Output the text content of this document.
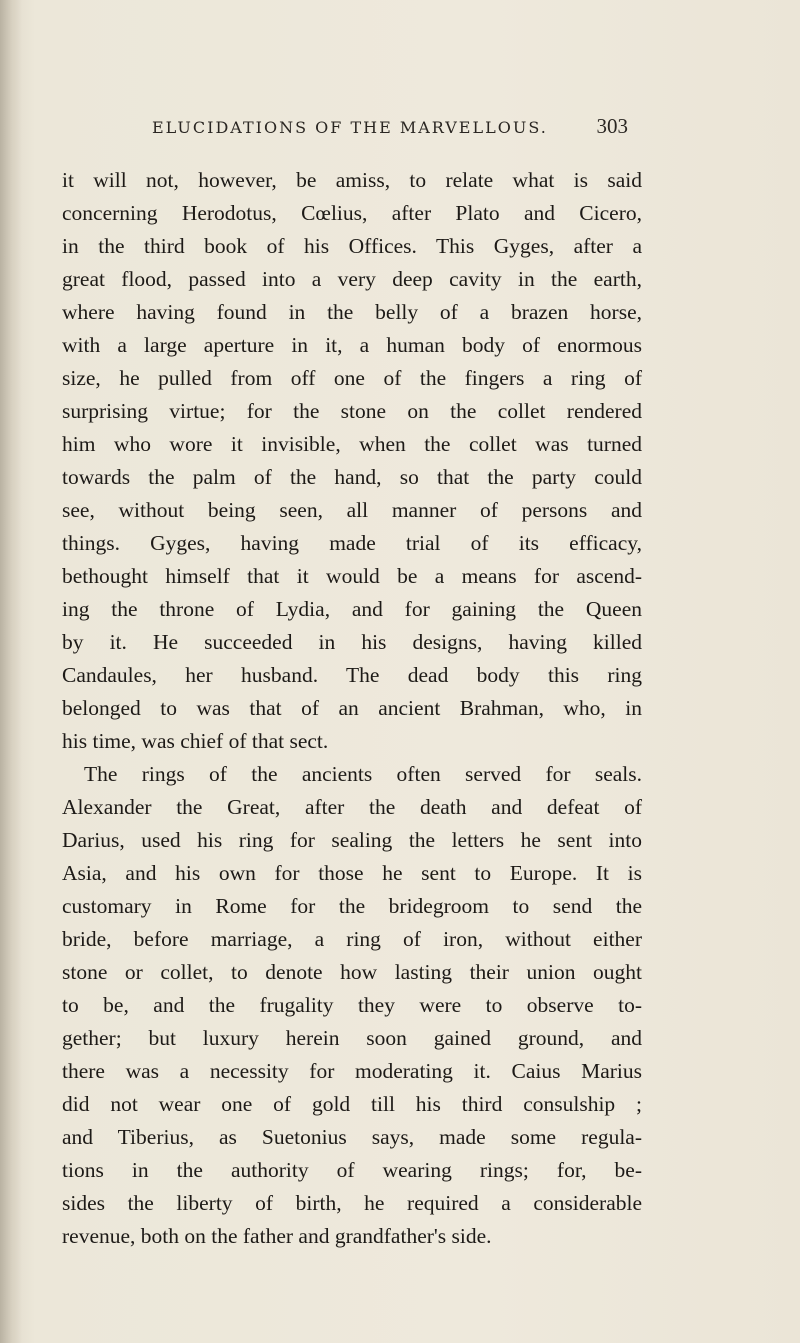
ELUCIDATIONS OF THE MARVELLOUS.	303
it will not, however, be amiss, to relate what is said
concerning Herodotus, Cœlius, after Plato and Cicero,
in the third book of his Offices. This Gyges, after a
great flood, passed into a very deep cavity in the earth,
where having found in the belly of a brazen horse,
with a large aperture in it, a human body of enormous
size, he pulled from off one of the fingers a ring of
surprising virtue; for the stone on the collet rendered
him who wore it invisible, when the collet was turned
towards the palm of the hand, so that the party could
see, without being seen, all manner of persons and
things. Gyges, having made trial of its efficacy,
bethought himself that it would be a means for ascend-
ing the throne of Lydia, and for gaining the Queen
by it. He succeeded in his designs, having killed
Candaules, her husband. The dead body this ring
belonged to was that of an ancient Brahman, who, in
his time, was chief of that sect.
The rings of the ancients often served for seals.
Alexander the Great, after the death and defeat of
Darius, used his ring for sealing the letters he sent into
Asia, and his own for those he sent to Europe. It is
customary in Rome for the bridegroom to send the
bride, before marriage, a ring of iron, without either
stone or collet, to denote how lasting their union ought
to be, and the frugality they were to observe to-
gether; but luxury herein soon gained ground, and
there was a necessity for moderating it. Caius Marius
did not wear one of gold till his third consulship ;
and Tiberius, as Suetonius says, made some regula-
tions in the authority of wearing rings; for, be-
sides the liberty of birth, he required a considerable
revenue, both on the father and grandfather's side.
